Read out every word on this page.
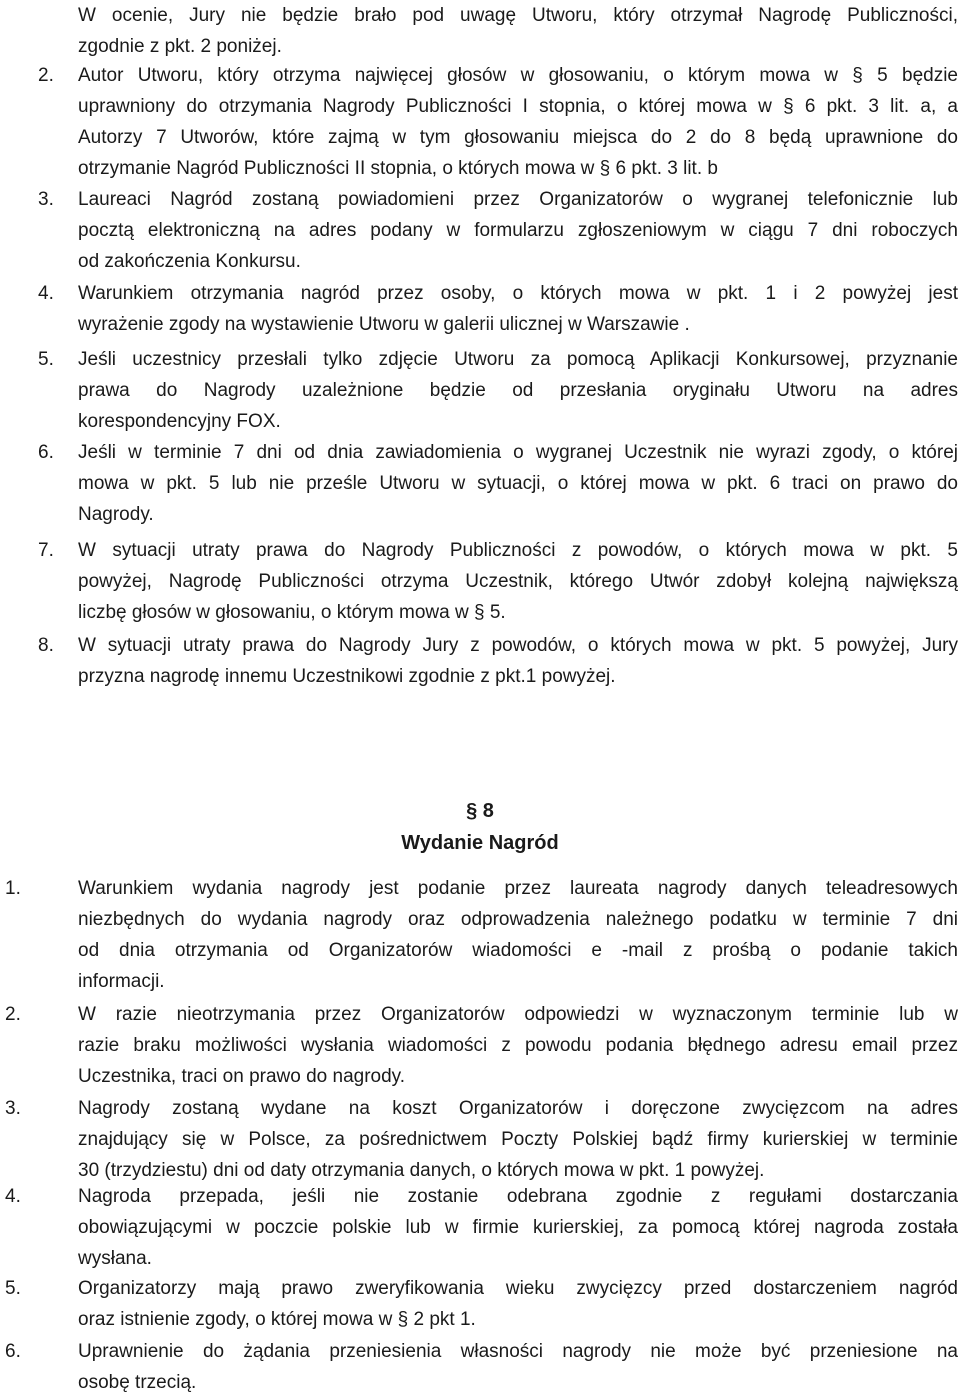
W ocenie, Jury nie będzie brało pod uwagę Utworu, który otrzymał Nagrodę Publiczności,
zgodnie z pkt. 2 poniżej.
2. Autor Utworu, który otrzyma najwięcej głosów w głosowaniu, o którym mowa w § 5 będzie
uprawniony do otrzymania Nagrody Publiczności I stopnia, o której mowa w § 6 pkt. 3 lit. a, a
Autorzy 7 Utworów, które zajmą w tym głosowaniu miejsca do 2 do 8 będą uprawnione do
otrzymanie Nagród Publiczności II stopnia, o których mowa w § 6 pkt. 3 lit. b
3. Laureaci Nagród zostaną powiadomieni przez Organizatorów o wygranej telefonicznie lub
pocztą elektroniczną na adres podany w formularzu zgłoszeniowym w ciągu 7 dni roboczych
od zakończenia Konkursu.
4. Warunkiem otrzymania nagród przez osoby, o których mowa w pkt. 1 i 2 powyżej jest
wyrażenie zgody na wystawienie Utworu w galerii ulicznej w Warszawie .
5. Jeśli uczestnicy przesłali tylko zdjęcie Utworu za pomocą Aplikacji Konkursowej, przyznanie
prawa do Nagrody uzależnione będzie od przesłania oryginału Utworu na adres
korespondencyjny FOX.
6. Jeśli w terminie 7 dni od dnia zawiadomienia o wygranej Uczestnik nie wyrazi zgody, o której
mowa w pkt. 5 lub nie prześle Utworu w sytuacji, o której mowa w pkt. 6 traci on prawo do
Nagrody.
7. W sytuacji utraty prawa do Nagrody Publiczności z powodów, o których mowa w pkt. 5
powyżej, Nagrodę Publiczności otrzyma Uczestnik, którego Utwór zdobył kolejną największą
liczbę głosów w głosowaniu, o którym mowa w § 5.
8. W sytuacji utraty prawa do Nagrody Jury z powodów, o których mowa w pkt. 5 powyżej, Jury
przyzna nagrodę innemu Uczestnikowi zgodnie z pkt.1 powyżej.
§ 8
Wydanie Nagród
1.	Warunkiem wydania nagrody jest podanie przez laureata nagrody danych teleadresowych
niezbędnych do wydania nagrody oraz odprowadzenia należnego podatku w terminie 7 dni
od dnia otrzymania od Organizatorów wiadomości e -mail z prośbą o podanie takich
informacji.
2.	W razie nieotrzymania przez Organizatorów odpowiedzi w wyznaczonym terminie lub w
razie braku możliwości wysłania wiadomości z powodu podania błędnego adresu email przez
Uczestnika, traci on prawo do nagrody.
3.	Nagrody zostaną wydane na koszt Organizatorów i doręczone zwycięzcom na adres
znajdujący się w Polsce, za pośrednictwem Poczty Polskiej bądź firmy kurierskiej w terminie
30 (trzydziestu) dni od daty otrzymania danych, o których mowa w pkt. 1 powyżej.
4.	Nagroda przepada, jeśli nie zostanie odebrana zgodnie z regułami dostarczania
obowiązującymi w poczcie polskie lub w firmie kurierskiej, za pomocą której nagroda została
wysłana.
5.	Organizatorzy mają prawo zweryfikowania wieku zwycięzcy przed dostarczeniem nagród
oraz istnienie zgody, o której mowa w § 2 pkt 1.
6.	Uprawnienie do żądania przeniesienia własności nagrody nie może być przeniesione na
osobę trzecią.
